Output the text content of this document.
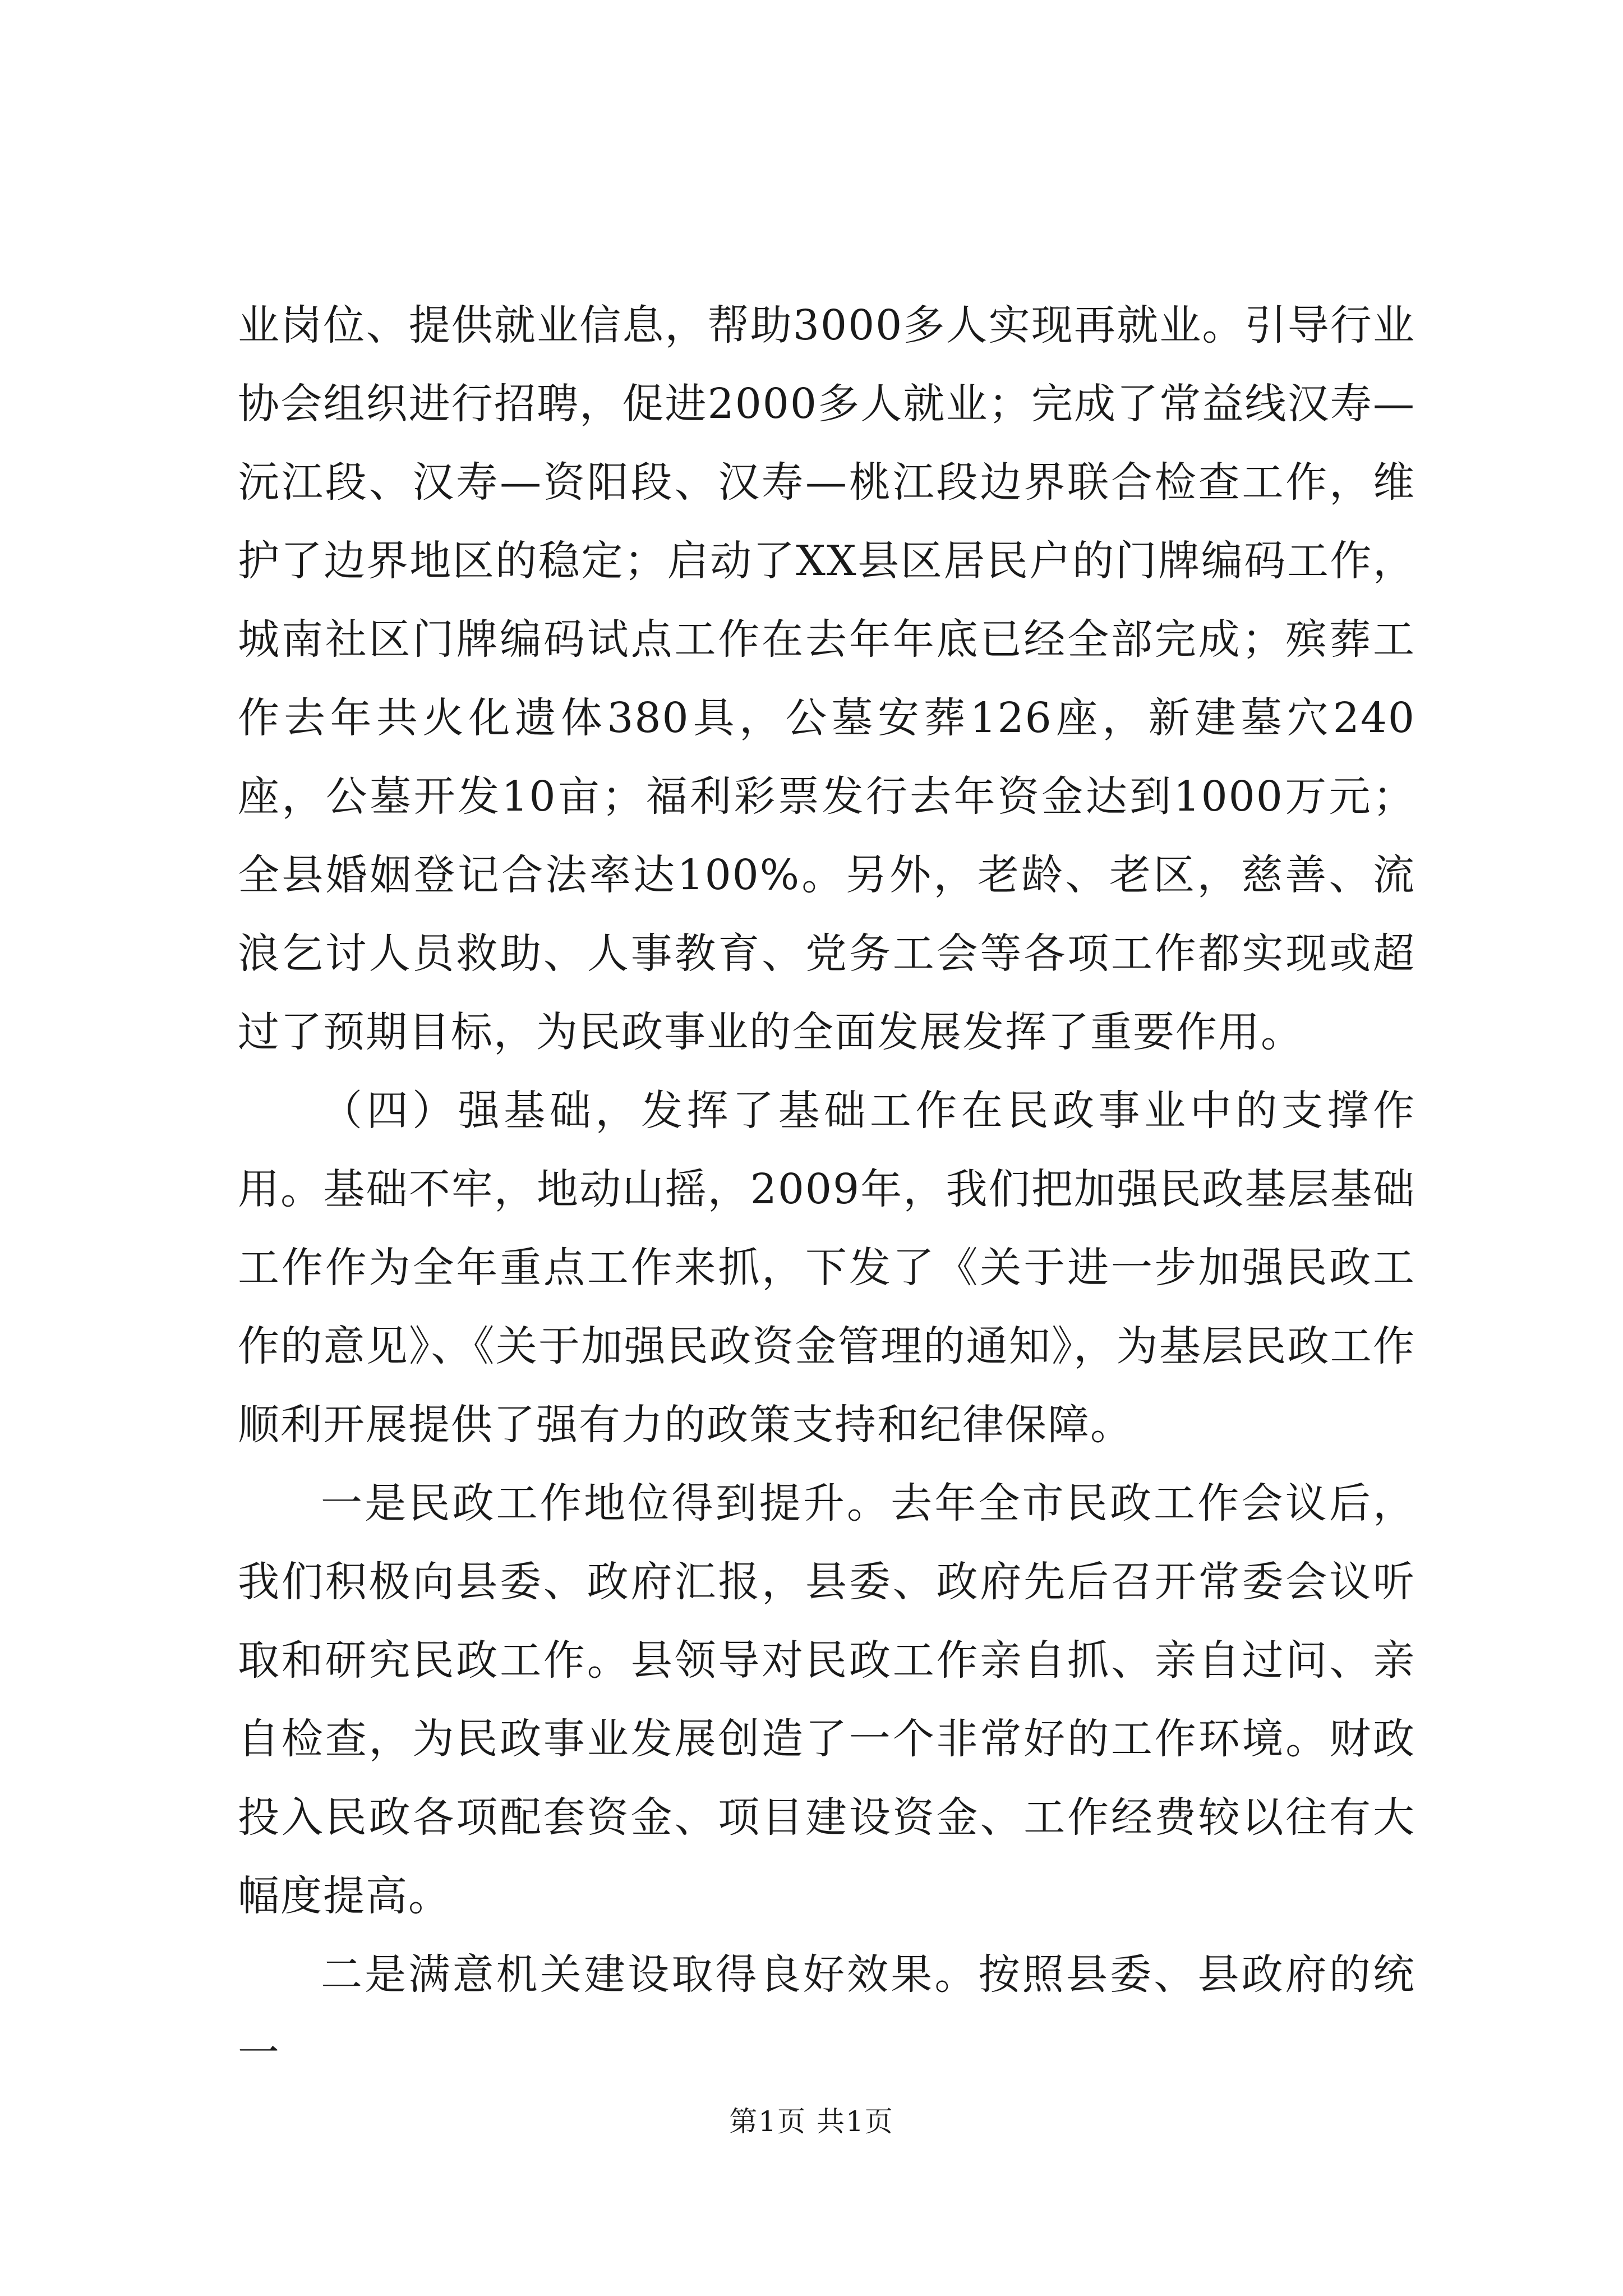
业岗位、提供就业信息，帮助3000多人实现再就业。引导行业协会组织进行招聘，促进2000多人就业；完成了常益线汉寿—沅江段、汉寿—资阳段、汉寿—桃江段边界联合检查工作，维护了边界地区的稳定；启动了XX县区居民户的门牌编码工作，城南社区门牌编码试点工作在去年年底已经全部完成；殡葬工作去年共火化遗体380具，公墓安葬126座，新建墓穴240座，公墓开发10亩；福利彩票发行去年资金达到1000万元；全县婚姻登记合法率达100%。另外，老龄、老区，慈善、流浪乞讨人员救助、人事教育、党务工会等各项工作都实现或超过了预期目标，为民政事业的全面发展发挥了重要作用。

（四）强基础，发挥了基础工作在民政事业中的支撑作用。基础不牢，地动山摇，2009年，我们把加强民政基层基础工作作为全年重点工作来抓，下发了《关于进一步加强民政工作的意见》、《关于加强民政资金管理的通知》，为基层民政工作顺利开展提供了强有力的政策支持和纪律保障。

一是民政工作地位得到提升。去年全市民政工作会议后，我们积极向县委、政府汇报，县委、政府先后召开常委会议听取和研究民政工作。县领导对民政工作亲自抓、亲自过问、亲自检查，为民政事业发展创造了一个非常好的工作环境。财政投入民政各项配套资金、项目建设资金、工作经费较以往有大幅度提高。

二是满意机关建设取得良好效果。按照县委、县政府的统一

第1页 共1页
